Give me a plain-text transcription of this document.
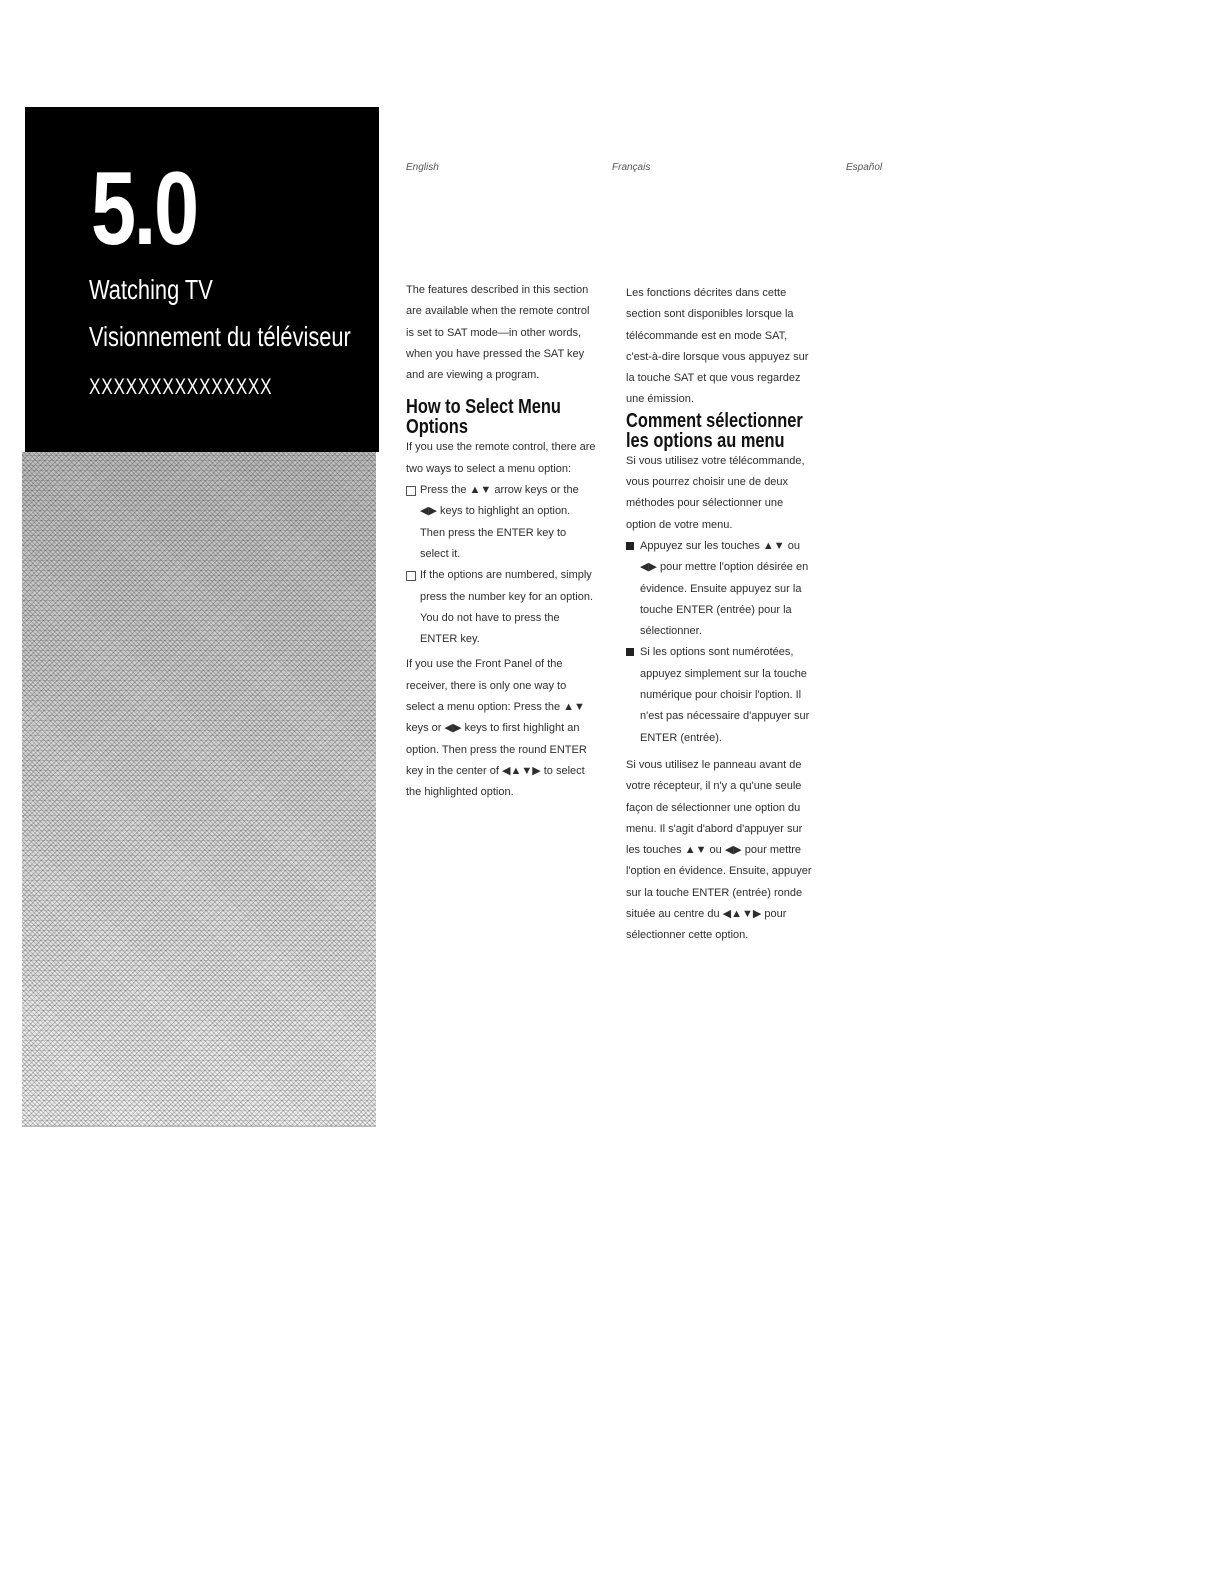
5.0
Watching TV
Visionnement du téléviseur
XXXXXXXXXXXXXXX
English	Français	Español

The features described in this section are available when the remote control is set to SAT mode—in other words, when you have pressed the SAT key and are viewing a program.

How to Select Menu Options

If you use the remote control, there are two ways to select a menu option:

Press the ▲▼ arrow keys or the ◀▶ keys to highlight an option. Then press the ENTER key to select it.
If the options are numbered, simply press the number key for an option. You do not have to press the ENTER key.

If you use the Front Panel of the receiver, there is only one way to select a menu option: Press the ▲▼ keys or ◀▶ keys to first highlight an option. Then press the round ENTER key in the center of ◀▲▼▶ to select the highlighted option.

Les fonctions décrites dans cette section sont disponibles lorsque la télécommande est en mode SAT, c'est-à-dire lorsque vous appuyez sur la touche SAT et que vous regardez une émission.

Comment sélectionner les options au menu

Si vous utilisez votre télécommande, vous pourrez choisir une de deux méthodes pour sélectionner une option de votre menu.

Appuyez sur les touches ▲▼ ou ◀▶ pour mettre l'option désirée en évidence. Ensuite appuyez sur la touche ENTER (entrée) pour la sélectionner.
Si les options sont numérotées, appuyez simplement sur la touche numérique pour choisir l'option. Il n'est pas nécessaire d'appuyer sur ENTER (entrée).

Si vous utilisez le panneau avant de votre récepteur, il n'y a qu'une seule façon de sélectionner une option du menu. Il s'agit d'abord d'appuyer sur les touches ▲▼ ou ◀▶ pour mettre l'option en évidence. Ensuite, appuyer sur la touche ENTER (entrée) ronde située au centre du ◀▲▼▶ pour sélectionner cette option.
